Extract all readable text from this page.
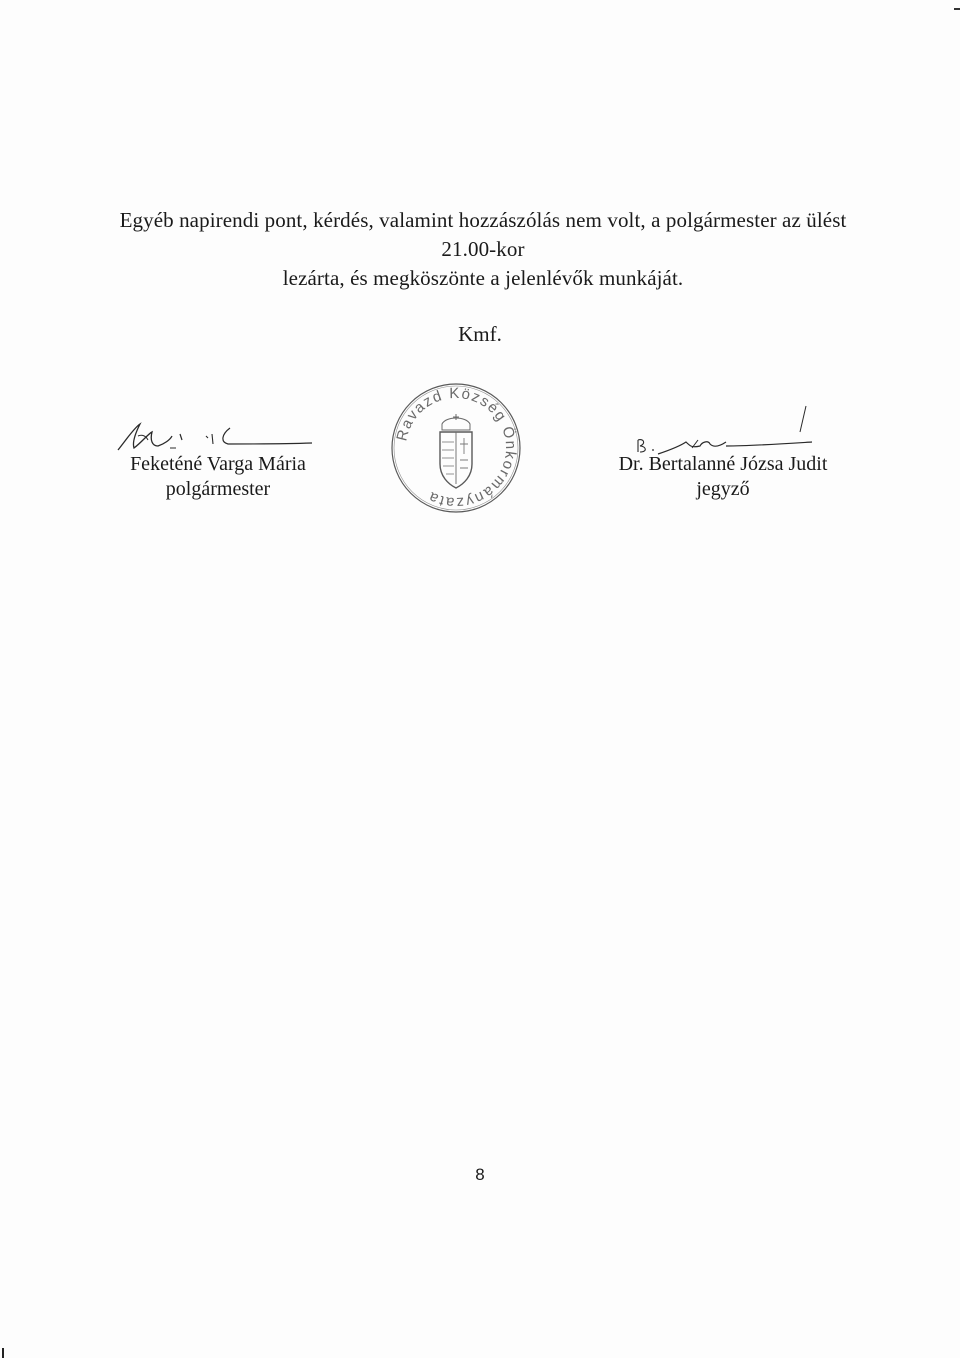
Egyéb napirendi pont, kérdés, valamint hozzászólás nem volt, a polgármester az ülést 21.00-kor
lezárta, és megköszönte a jelenlévők munkáját.
Kmf.
Feketéné Varga Mária
polgármester
Ravazd Község Önkormányzata
Dr. Bertalanné Józsa Judit
jegyző
8
